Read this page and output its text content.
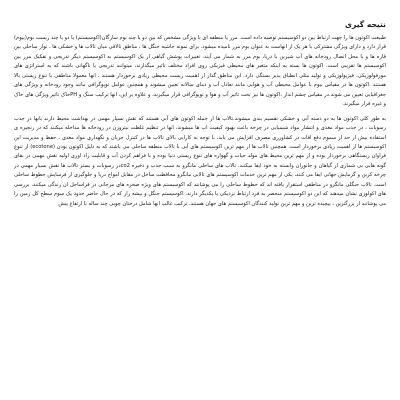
نتیجه گیری

طبیعت اکوتون ها را جهت ارتباط بین دو اکوسیستم توصیه داده است. مرز یا منطقه ای با ویژگی مشخص که بین دو یا چند بوم سازگان(اکوسیستم) یا دو یا چند زیست بوم(بیوم) قرار دارد و دارای ویژگی مشترکی با هر یک از انهاست به عنوان بوم مرز نامیده میشود. برای نمونه حاشیه جنگل ها ، مناطق تالاقی میان تالاب ها و خشکی ها ، نوار ساحلی بین قاره ها و یا محل اتصال رودخانه های آب شیرین با دریا، بوم مرز به شمار می آیند. تغییرات پوشش گیاهی از یک اکوسیستم به اکوسیستم دیگر تدریجی و تفکیک مرز بین اکوسیستم ها تقریبی است. اکوتون ها بسته به اینکه متغیر های محیطی فیزیکی روی افراد مختلف تاثیر میگذارند، میتوانند تدریجی یا ناگهانی باشند که به استراتژی های مورفولوژیکی، فیزیولوژیکی و تولید مثلی انطباق پذیر بستگی دارد. این مناطق گذار از اهمیت زیست محیطی زیادی برخوردار هستند ، انها معمولا مناطقی با تنوع زیستی بالا هستند .اکوتون ها در مقیاس بیوم با عوامل محیطی آب و هوایی مانند تعادل آب و دمای سالانه تعیین میشوند و همچنین عوامل توپوگرافی مانند وجود رودخانه و ویژگی های جغرافیایی تعیین می شوند.در مقیاس چشم انداز ،اکوتون ها نیز تحت تاثیر آب و هوا و توپوگرافی قرار میگیرند، و علاوه بر این، انها ترکیب سنگ و PHخاک تاثیر ویژگی های خاک و غیره قرار میگیرند.

به طور کلی اکوتون ها به دو دسته آبی و خشکی تقسیم بندی میشوند.تالاب ها از جمله اکوتون های آبی هستند که نقش بسیار مهمی در بهداشت محیط دارند بانها در جذب رسوبات ، در جذب مواد مغذی و انتشار مواد شیمیایی در چرخه باعث بهبود کیفیت اب ها میشوند، انها در تنظیم غلظت نیتروژن در رودخانه ها مداخله میکنند که در زنجیره ی استفاده بیش از حد از سموم دفع افات در کشاورزی مصرف افزایش می یابد، با توجه به کارایی بالای تالاب ها در کنترل جریان و نگهداری مواد مغذی ، حفظ و مدیریت این اکوسیستم ها از اهمیت زیادی برخوردار است. همچنین تالاب ها از مهم ترین اکوسیستم های آبی با تالاب منطقه ساحلی می باشند که به دلیل اکوتون بودن (ecotone) از تنوع فراوان زیستگاهی برخوردار بوده و از مهم ترین محیط های مولد حیات و گهواره های تنوع زیستی دنیا بوده و با فراهم کردن آب و قابلیت زاد اوری اولیه نقش مهمی در بقای گونه هایی بی شماری از گیاهان و جانوران وابسته به خود ایفا میکنند. تالاب های ساحلی مانگرو به سبب جذب و ذخیره co2در رسوبات و بستر تالاب ها نقش بسیار مهمی در چرخه کربن و گرمایش جهانی ایفا می کنند، یکی از مهم ترین خدمات اکوسیستم های تالابی مانگرو محافظت ساحل در مقابل امواج دریا و جلوگیری از فرسایش خطوط ساحلی است. تالاب جنگلی مانگرو در مناطقی استقرار یافته اند که خطوط ساحلی را می پوشانند که اکوسیستم های ویژه صخره های مرجانی در فراساحل ان زندگی میکنند، بررسی های اکولوژی نشان میدهند که این دو اکوسیستم منحصر به فرد ارتباط نزدیکی با یکدیگر دارند. اکوسیستم جنگل و بیشه زار که در حال حاضر حدود یک سوم سطح کل زمین را می پوشانند از بزرگترین ، پیچیده ترین و مهم ترین تولید کنندگان اکوسیستم های جهان هستند، ترکیب غالب انها شامل درختان چوبی چند ساله با ارتفاع بیش
